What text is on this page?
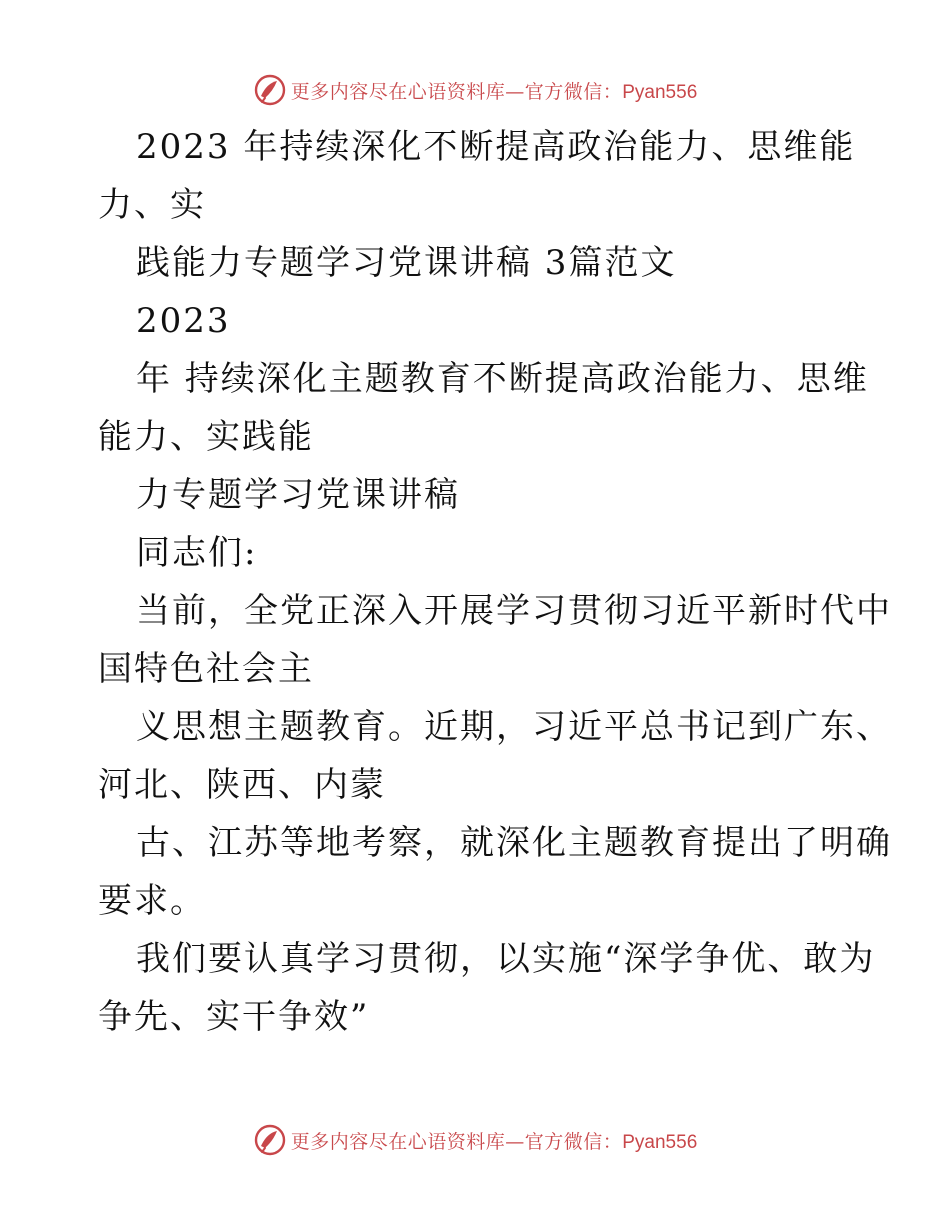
更多内容尽在心语资料库—官方微信：Pyan556
2023 年持续深化不断提高政治能力、思维能
力、实
践能力专题学习党课讲稿 3篇范文
2023
年 持续深化主题教育不断提高政治能力、思维
能力、实践能
力专题学习党课讲稿
同志们:
当前，全党正深入开展学习贯彻习近平新时代中
国特色社会主
义思想主题教育。近期，习近平总书记到广东、
河北、陕西、内蒙
古、江苏等地考察，就深化主题教育提出了明确
要求。
我们要认真学习贯彻，以实施“深学争优、敢为
争先、实干争效”
更多内容尽在心语资料库—官方微信：Pyan556
